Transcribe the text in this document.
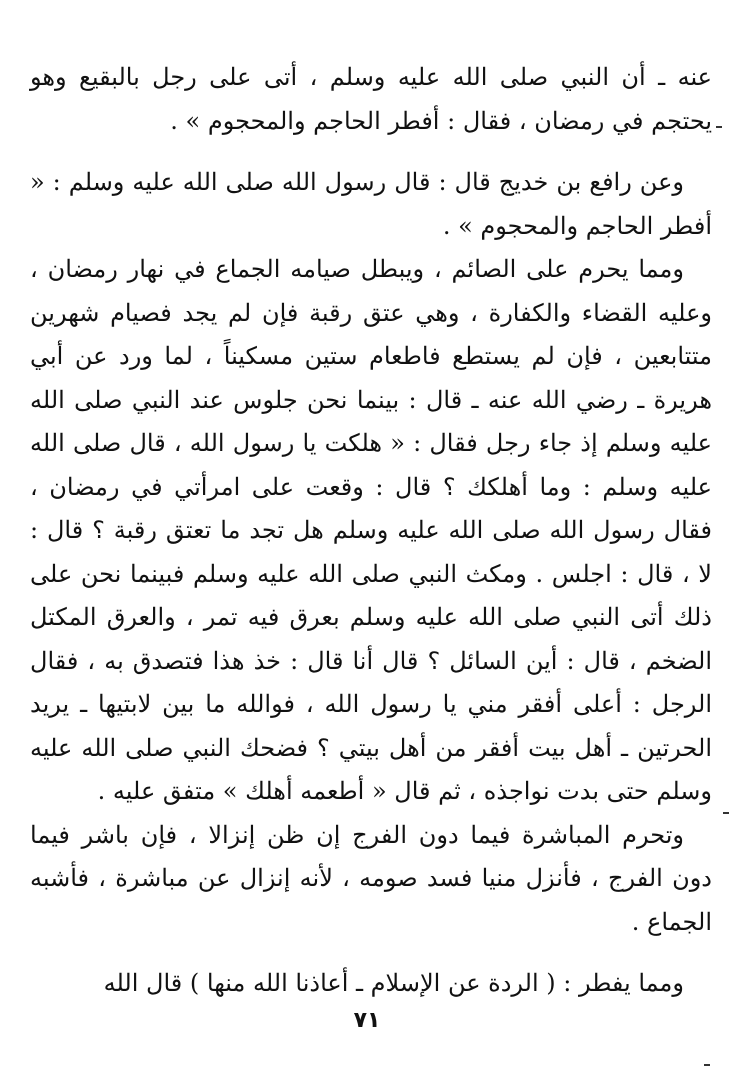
عنه ـ أن النبي صلى الله عليه وسلم ، أتى على رجل بالبقيع وهو يحتجم في رمضان ، فقال : أفطر الحاجم والمحجوم » .

وعن رافع بن خديج قال : قال رسول الله صلى الله عليه وسلم : « أفطر الحاجم والمحجوم » .

ومما يحرم على الصائم ، ويبطل صيامه الجماع في نهار رمضان ، وعليه القضاء والكفارة ، وهي عتق رقبة فإن لم يجد فصيام شهرين متتابعين ، فإن لم يستطع فاطعام ستين مسكيناً ، لما ورد عن أبي هريرة ـ رضي الله عنه ـ قال : بينما نحن جلوس عند النبي صلى الله عليه وسلم إذ جاء رجل فقال : « هلكت يا رسول الله ، قال صلى الله عليه وسلم : وما أهلكك ؟ قال : وقعت على امرأتي في رمضان ، فقال رسول الله صلى الله عليه وسلم هل تجد ما تعتق رقبة ؟ قال : لا ، قال : اجلس . ومكث النبي صلى الله عليه وسلم فبينما نحن على ذلك أتى النبي صلى الله عليه وسلم بعرق فيه تمر ، والعرق المكتل الضخم ، قال : أين السائل ؟ قال أنا قال : خذ هذا فتصدق به ، فقال الرجل : أعلى أفقر مني يا رسول الله ، فوالله ما بين لابتيها ـ يريد الحرتين ـ أهل بيت أفقر من أهل بيتي ؟ فضحك النبي صلى الله عليه وسلم حتى بدت نواجذه ، ثم قال « أطعمه أهلك » متفق عليه .

وتحرم المباشرة فيما دون الفرج إن ظن إنزالا ، فإن باشر فيما دون الفرج ، فأنزل منيا فسد صومه ، لأنه إنزال عن مباشرة ، فأشبه الجماع .

ومما يفطر : ( الردة عن الإسلام ـ أعاذنا الله منها ) قال الله

٧١
